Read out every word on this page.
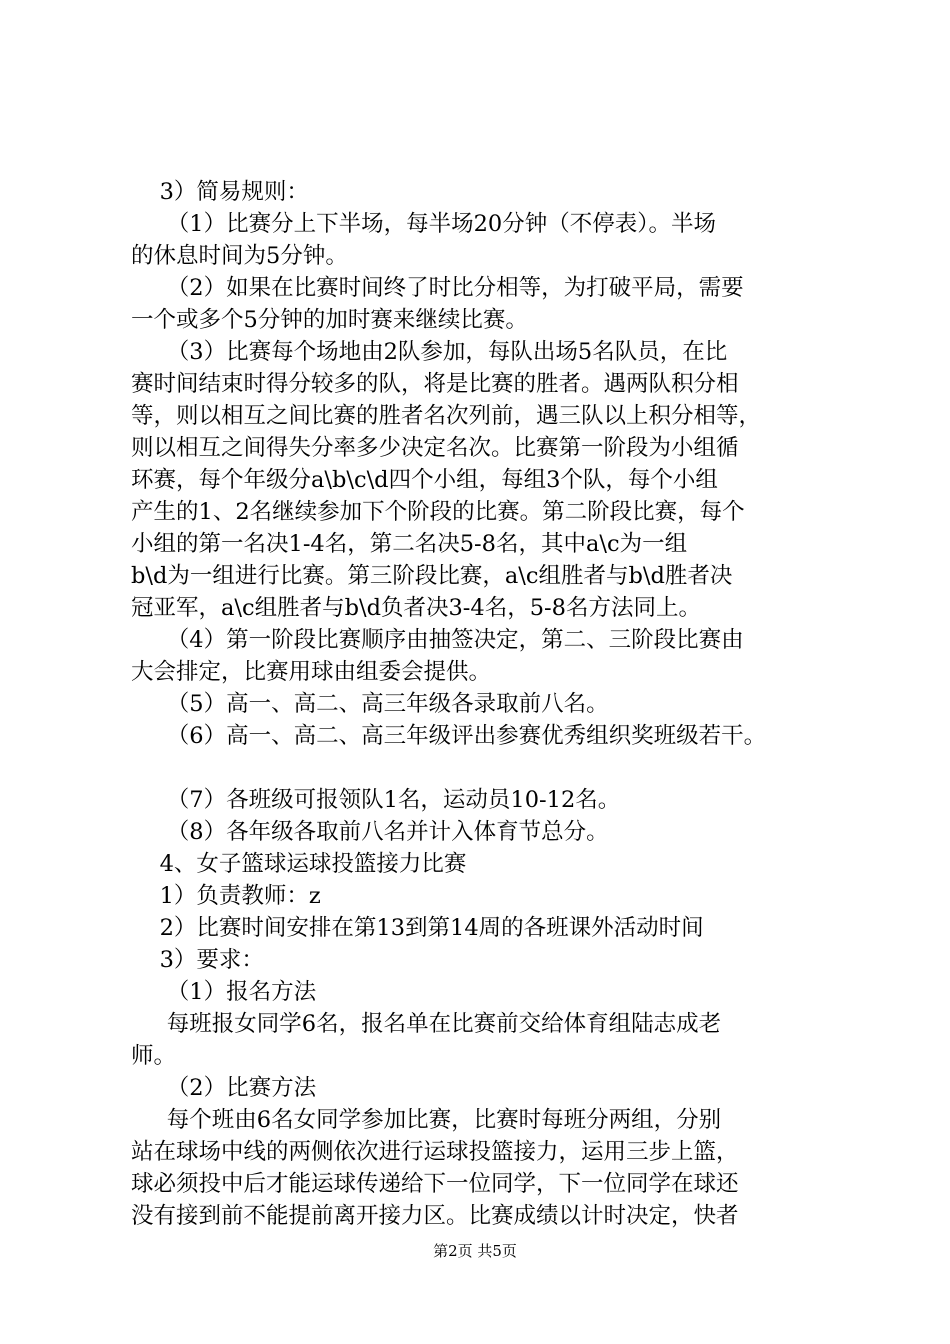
3）简易规则：
（1）比赛分上下半场，每半场20分钟（不停表）。半场
的休息时间为5分钟。
（2）如果在比赛时间终了时比分相等，为打破平局，需要
一个或多个5分钟的加时赛来继续比赛。
（3）比赛每个场地由2队参加，每队出场5名队员，在比
赛时间结束时得分较多的队，将是比赛的胜者。遇两队积分相
等，则以相互之间比赛的胜者名次列前，遇三队以上积分相等，
则以相互之间得失分率多少决定名次。比赛第一阶段为小组循
环赛，每个年级分a\b\c\d四个小组，每组3个队，每个小组
产生的1、2名继续参加下个阶段的比赛。第二阶段比赛，每个
小组的第一名决1-4名，第二名决5-8名，其中a\c为一组
b\d为一组进行比赛。第三阶段比赛，a\c组胜者与b\d胜者决
冠亚军，a\c组胜者与b\d负者决3-4名，5-8名方法同上。
（4）第一阶段比赛顺序由抽签决定，第二、三阶段比赛由
大会排定，比赛用球由组委会提供。
（5）高一、高二、高三年级各录取前八名。
（6）高一、高二、高三年级评出参赛优秀组织奖班级若干。
（7）各班级可报领队1名，运动员10-12名。
（8）各年级各取前八名并计入体育节总分。
4、女子篮球运球投篮接力比赛
1）负责教师：z
2）比赛时间安排在第13到第14周的各班课外活动时间
3）要求：
（1）报名方法
每班报女同学6名，报名单在比赛前交给体育组陆志成老
师。
（2）比赛方法
每个班由6名女同学参加比赛，比赛时每班分两组，分别
站在球场中线的两侧依次进行运球投篮接力，运用三步上篮，
球必须投中后才能运球传递给下一位同学，下一位同学在球还
没有接到前不能提前离开接力区。比赛成绩以计时决定，快者
第2页 共5页
